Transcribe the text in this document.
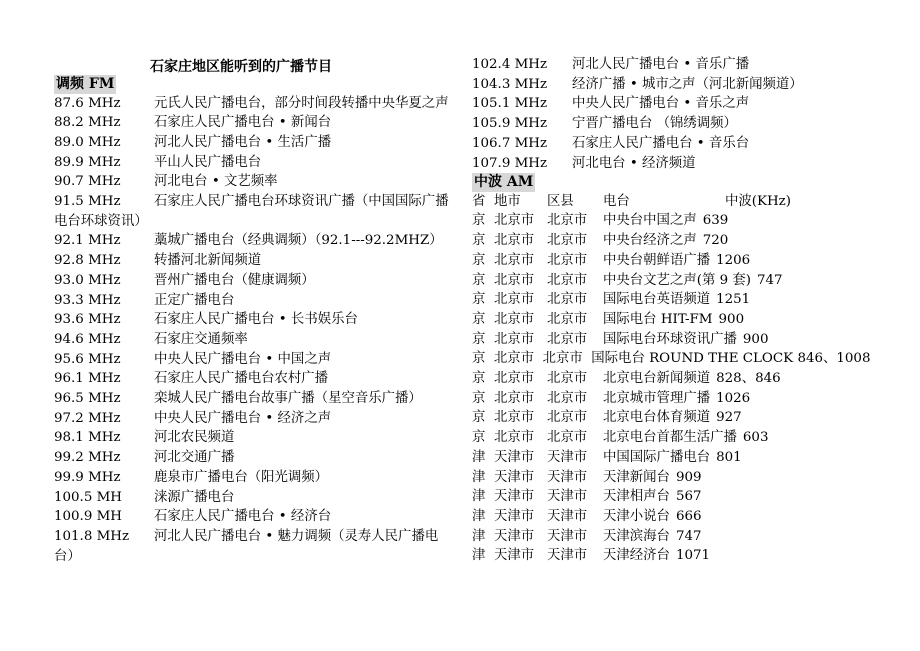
石家庄地区能听到的广播节目
调频 FM
87.6 MHz 元氏人民广播电台，部分时间段转播中央华夏之声
88.2 MHz	石家庄人民广播电台 • 新闻台
89.0 MHz	河北人民广播电台 • 生活广播
89.9 MHz	平山人民广播电台
90.7 MHz	河北电台 • 文艺频率
91.5 MHz 石家庄人民广播电台环球资讯广播（中国国际广播电台环球资讯）
92.1 MHz	藁城广播电台（经典调频）（92.1---92.2MHZ）
92.8 MHz	转播河北新闻频道
93.0 MHz	晋州广播电台（健康调频）
93.3 MHz	正定广播电台
93.6 MHz	石家庄人民广播电台 • 长书娱乐台
94.6 MHz	石家庄交通频率
95.6 MHz	中央人民广播电台 • 中国之声
96.1 MHz	石家庄人民广播电台农村广播
96.5 MHz	栾城人民广播电台故事广播（星空音乐广播）
97.2 MHz	中央人民广播电台 • 经济之声
98.1 MHz	河北农民频道
99.2 MHz	河北交通广播
99.9 MHz	鹿泉市广播电台（阳光调频）
100.5 MH	涞源广播电台
100.9 MH	石家庄人民广播电台 • 经济台
101.8 MHz 河北人民广播电台 • 魅力调频（灵寿人民广播电台）
102.4 MHz	河北人民广播电台 • 音乐广播
104.3 MHz	经济广播 • 城市之声（河北新闻频道）
105.1 MHz	中央人民广播电台 • 音乐之声
105.9 MHz	宁晋广播电台 （锦绣调频）
106.7 MHz	石家庄人民广播电台 • 音乐台
107.9 MHz	河北电台 • 经济频道
中波 AM
省 地市	区县	电台	中波(KHz)
京 北京市 北京市	中央台中国之声 639
京 北京市 北京市	中央台经济之声 720
京 北京市 北京市	中央台朝鲜语广播 1206
京 北京市 北京市	中央台文艺之声(第 9 套) 747
京 北京市 北京市	国际电台英语频道 1251
京 北京市 北京市	国际电台 HIT-FM 900
京 北京市 北京市	国际电台环球资讯广播 900
京 北京市 北京市 国际电台 ROUND THE CLOCK 846、1008
京 北京市 北京市	北京电台新闻频道 828、846
京 北京市 北京市	北京城市管理广播 1026
京 北京市 北京市	北京电台体育频道 927
京 北京市 北京市	北京电台首都生活广播 603
津 天津市 天津市	中国国际广播电台 801
津 天津市 天津市	天津新闻台 909
津 天津市 天津市	天津相声台 567
津 天津市 天津市	天津小说台 666
津 天津市 天津市	天津滨海台 747
津 天津市 天津市	天津经济台 1071
